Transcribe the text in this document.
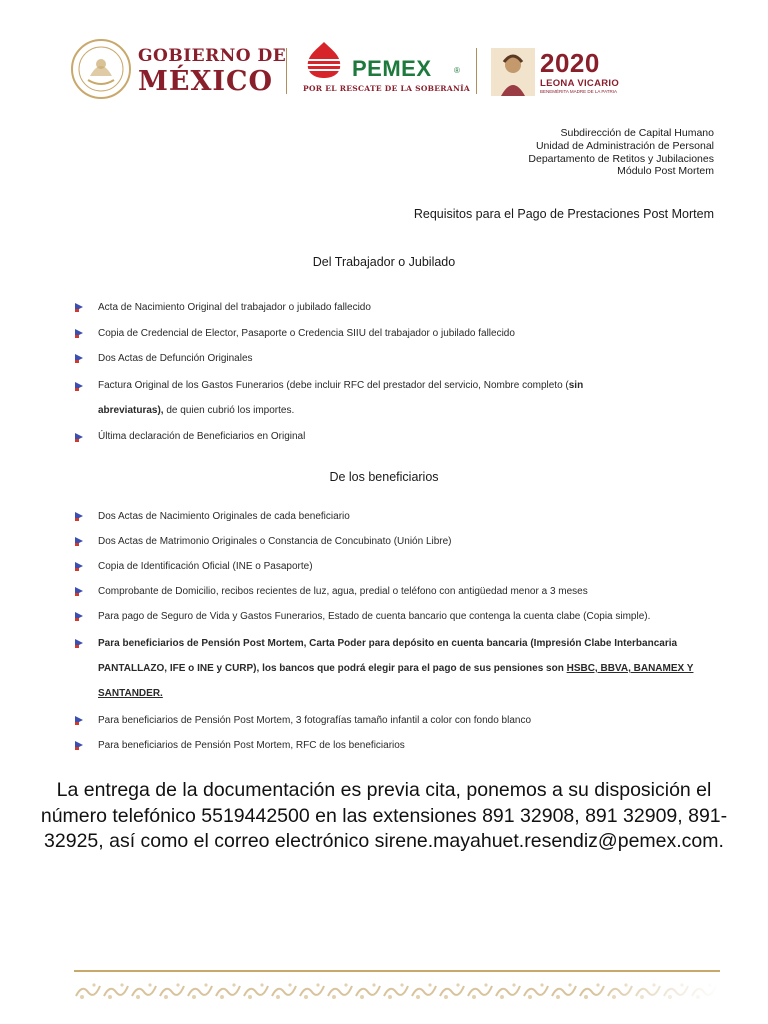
GOBIERNO DE
MÉXICO	PEMEX	®
POR EL RESCATE DE LA SOBERANÍA
2020
LEONA VICARIO
BENEMÉRITA MADRE DE LA PATRIA
Subdirección de Capital Humano
Unidad de Administración de Personal
Departamento de Retitos y Jubilaciones
Módulo Post Mortem
Requisitos para el Pago de Prestaciones Post Mortem
Del Trabajador o Jubilado
Acta de Nacimiento Original del trabajador o jubilado fallecido
Copia de Credencial de Elector, Pasaporte o Credencia SIIU del trabajador o jubilado fallecido
Dos Actas de Defunción Originales
Factura Original de los Gastos Funerarios (debe incluir RFC del prestador del servicio, Nombre completo (sin
abreviaturas), de quien cubrió los importes.
Última declaración de Beneficiarios en Original
De los beneficiarios
Dos Actas de Nacimiento Originales de cada beneficiario
Dos Actas de Matrimonio Originales o Constancia de Concubinato (Unión Libre)
Copia de Identificación Oficial (INE o Pasaporte)
Comprobante de Domicilio, recibos recientes de luz, agua, predial o teléfono con antigüedad menor a 3 meses
Para pago de Seguro de Vida y Gastos Funerarios, Estado de cuenta bancario que contenga la cuenta clabe (Copia simple).
Para beneficiarios de Pensión Post Mortem, Carta Poder para depósito en cuenta bancaria (Impresión Clabe Interbancaria PANTALLAZO, IFE o INE y CURP), los bancos que podrá elegir para el pago de sus pensiones son HSBC, BBVA, BANAMEX Y SANTANDER.
Para beneficiarios de Pensión Post Mortem, 3 fotografías tamaño infantil a color con fondo blanco
Para beneficiarios de Pensión Post Mortem, RFC de los beneficiarios
La entrega de la documentación es previa cita, ponemos a su disposición el número telefónico 5519442500 en las extensiones 891 32908, 891 32909, 891-32925, así como el correo electrónico sirene.mayahuet.resendiz@pemex.com.
